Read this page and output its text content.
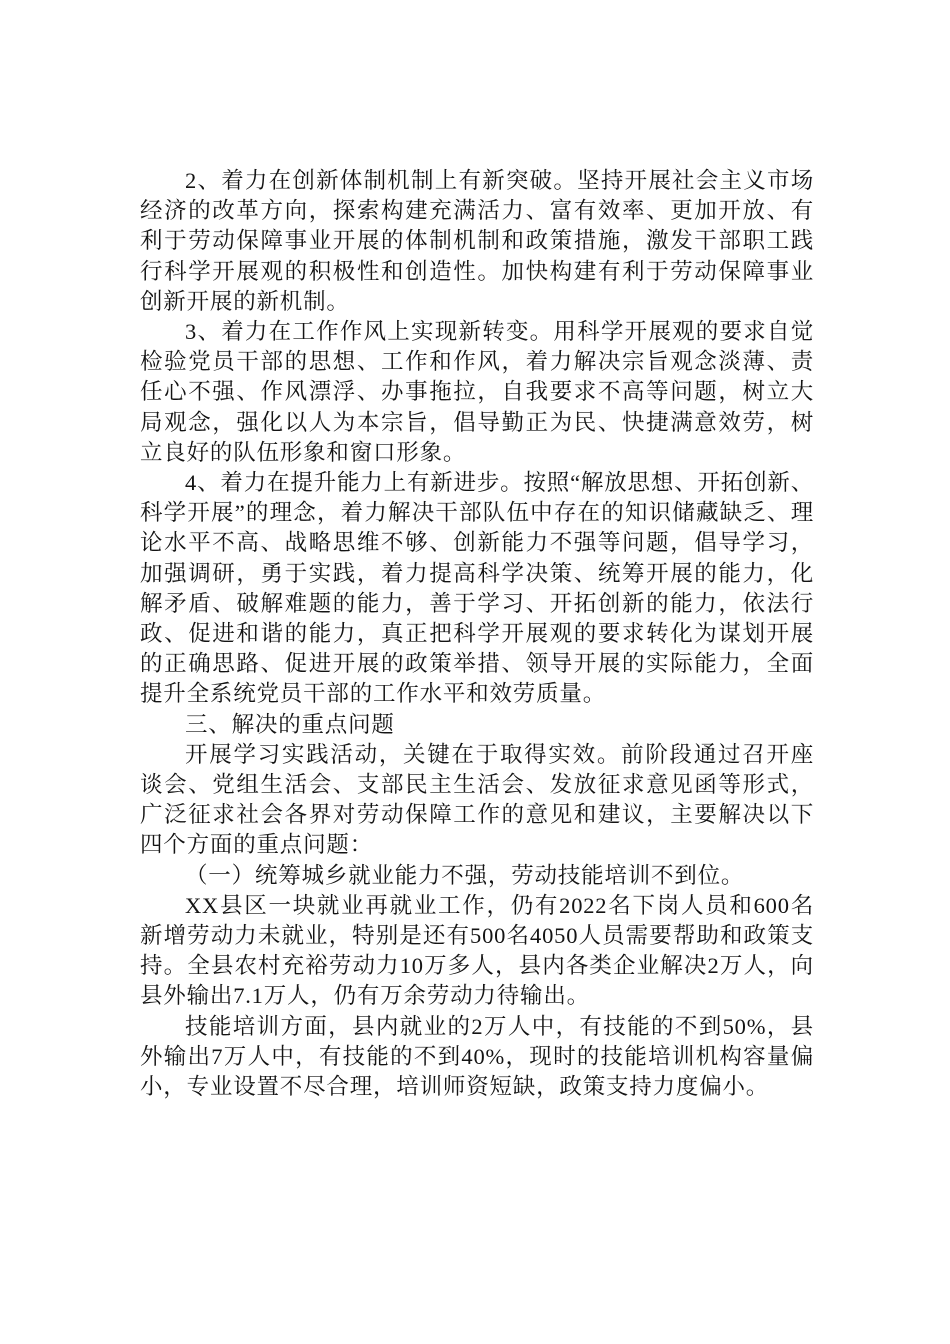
2、着力在创新体制机制上有新突破。坚持开展社会主义市场经济的改革方向，探索构建充满活力、富有效率、更加开放、有利于劳动保障事业开展的体制机制和政策措施，激发干部职工践行科学开展观的积极性和创造性。加快构建有利于劳动保障事业创新开展的新机制。

3、着力在工作作风上实现新转变。用科学开展观的要求自觉检验党员干部的思想、工作和作风，着力解决宗旨观念淡薄、责任心不强、作风漂浮、办事拖拉，自我要求不高等问题，树立大局观念，强化以人为本宗旨，倡导勤正为民、快捷满意效劳，树立良好的队伍形象和窗口形象。

4、着力在提升能力上有新进步。按照“解放思想、开拓创新、科学开展”的理念，着力解决干部队伍中存在的知识储藏缺乏、理论水平不高、战略思维不够、创新能力不强等问题，倡导学习，加强调研，勇于实践，着力提高科学决策、统筹开展的能力，化解矛盾、破解难题的能力，善于学习、开拓创新的能力，依法行政、促进和谐的能力，真正把科学开展观的要求转化为谋划开展的正确思路、促进开展的政策举措、领导开展的实际能力，全面提升全系统党员干部的工作水平和效劳质量。

三、解决的重点问题

开展学习实践活动，关键在于取得实效。前阶段通过召开座谈会、党组生活会、支部民主生活会、发放征求意见函等形式，广泛征求社会各界对劳动保障工作的意见和建议，主要解决以下四个方面的重点问题：

（一）统筹城乡就业能力不强，劳动技能培训不到位。

XX县区一块就业再就业工作，仍有2022名下岗人员和600名新增劳动力未就业，特别是还有500名4050人员需要帮助和政策支持。全县农村充裕劳动力10万多人，县内各类企业解决2万人，向县外输出7.1万人，仍有万余劳动力待输出。

技能培训方面，县内就业的2万人中，有技能的不到50%，县外输出7万人中，有技能的不到40%，现时的技能培训机构容量偏小，专业设置不尽合理，培训师资短缺，政策支持力度偏小。
